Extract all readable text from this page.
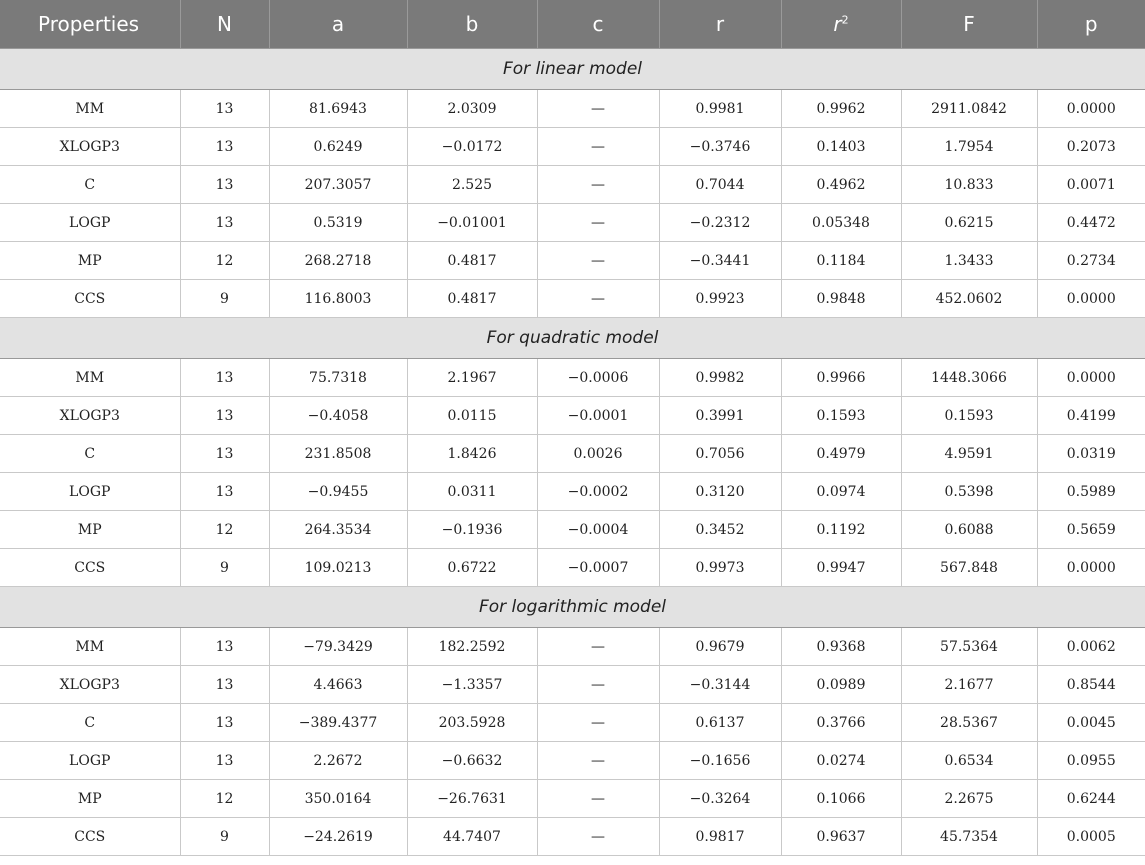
Properties	N	a	b	c	r	$r^2$	F	p
For linear model								
MM	13	81.6943	2.0309	—	0.9981	0.9962	2911.0842	0.0000
XLOGP3	13	0.6249	−0.0172	—	−0.3746	0.1403	1.7954	0.2073
C	13	207.3057	2.525	—	0.7044	0.4962	10.833	0.0071
LOGP	13	0.5319	−0.01001	—	−0.2312	0.05348	0.6215	0.4472
MP	12	268.2718	0.4817	—	−0.3441	0.1184	1.3433	0.2734
CCS	9	116.8003	0.4817	—	0.9923	0.9848	452.0602	0.0000
For quadratic model								
MM	13	75.7318	2.1967	−0.0006	0.9982	0.9966	1448.3066	0.0000
XLOGP3	13	−0.4058	0.0115	−0.0001	0.3991	0.1593	0.1593	0.4199
C	13	231.8508	1.8426	0.0026	0.7056	0.4979	4.9591	0.0319
LOGP	13	−0.9455	0.0311	−0.0002	0.3120	0.0974	0.5398	0.5989
MP	12	264.3534	−0.1936	−0.0004	0.3452	0.1192	0.6088	0.5659
CCS	9	109.0213	0.6722	−0.0007	0.9973	0.9947	567.848	0.0000
For logarithmic model								
MM	13	−79.3429	182.2592	—	0.9679	0.9368	57.5364	0.0062
XLOGP3	13	4.4663	−1.3357	—	−0.3144	0.0989	2.1677	0.8544
C	13	−389.4377	203.5928	—	0.6137	0.3766	28.5367	0.0045
LOGP	13	2.2672	−0.6632	—	−0.1656	0.0274	0.6534	0.0955
MP	12	350.0164	−26.7631	—	−0.3264	0.1066	2.2675	0.6244
CCS	9	−24.2619	44.7407	—	0.9817	0.9637	45.7354	0.0005
